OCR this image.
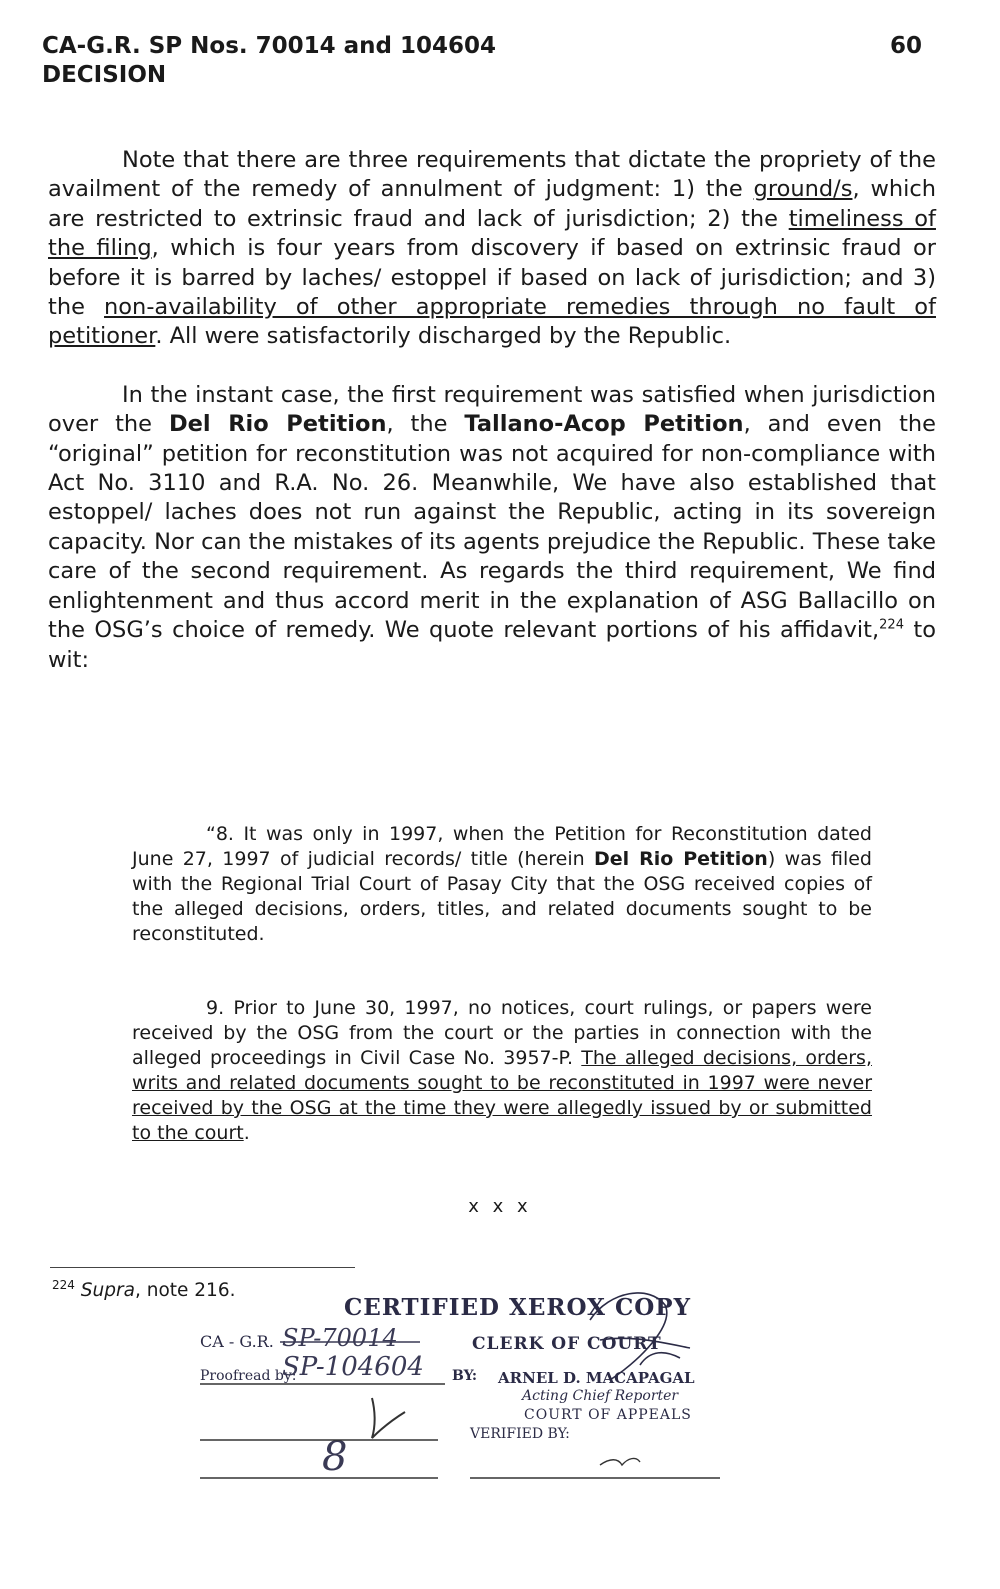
CA-G.R. SP Nos. 70014 and 104604
DECISION
60

Note that there are three requirements that dictate the propriety of the availment of the remedy of annulment of judgment: 1) the ground/s, which are restricted to extrinsic fraud and lack of jurisdiction; 2) the timeliness of the filing, which is four years from discovery if based on extrinsic fraud or before it is barred by laches/ estoppel if based on lack of jurisdiction; and 3) the non-availability of other appropriate remedies through no fault of petitioner. All were satisfactorily discharged by the Republic.

In the instant case, the first requirement was satisfied when jurisdiction over the Del Rio Petition, the Tallano-Acop Petition, and even the “original” petition for reconstitution was not acquired for non-compliance with Act No. 3110 and R.A. No. 26. Meanwhile, We have also established that estoppel/ laches does not run against the Republic, acting in its sovereign capacity. Nor can the mistakes of its agents prejudice the Republic. These take care of the second requirement. As regards the third requirement, We find enlightenment and thus accord merit in the explanation of ASG Ballacillo on the OSG’s choice of remedy. We quote relevant portions of his affidavit,$^{224}$ to wit:

“8. It was only in 1997, when the Petition for Reconstitution dated June 27, 1997 of judicial records/ title (herein Del Rio Petition) was filed with the Regional Trial Court of Pasay City that the OSG received copies of the alleged decisions, orders, titles, and related documents sought to be reconstituted.

9. Prior to June 30, 1997, no notices, court rulings, or papers were received by the OSG from the court or the parties in connection with the alleged proceedings in Civil Case No. 3957-P. The alleged decisions, orders, writs and related documents sought to be reconstituted in 1997 were never received by the OSG at the time they were allegedly issued by or submitted to the court.

x x x
$^{224}$ Supra, note 216.
CERTIFIED XEROX COPY
CA - G.R.
Proofread by:	BY:
CLERK OF COURT
ARNEL D. MACAPAGAL
Acting Chief Reporter
COURT OF APPEALS
VERIFIED BY:
SP-70014
SP-104604
8
